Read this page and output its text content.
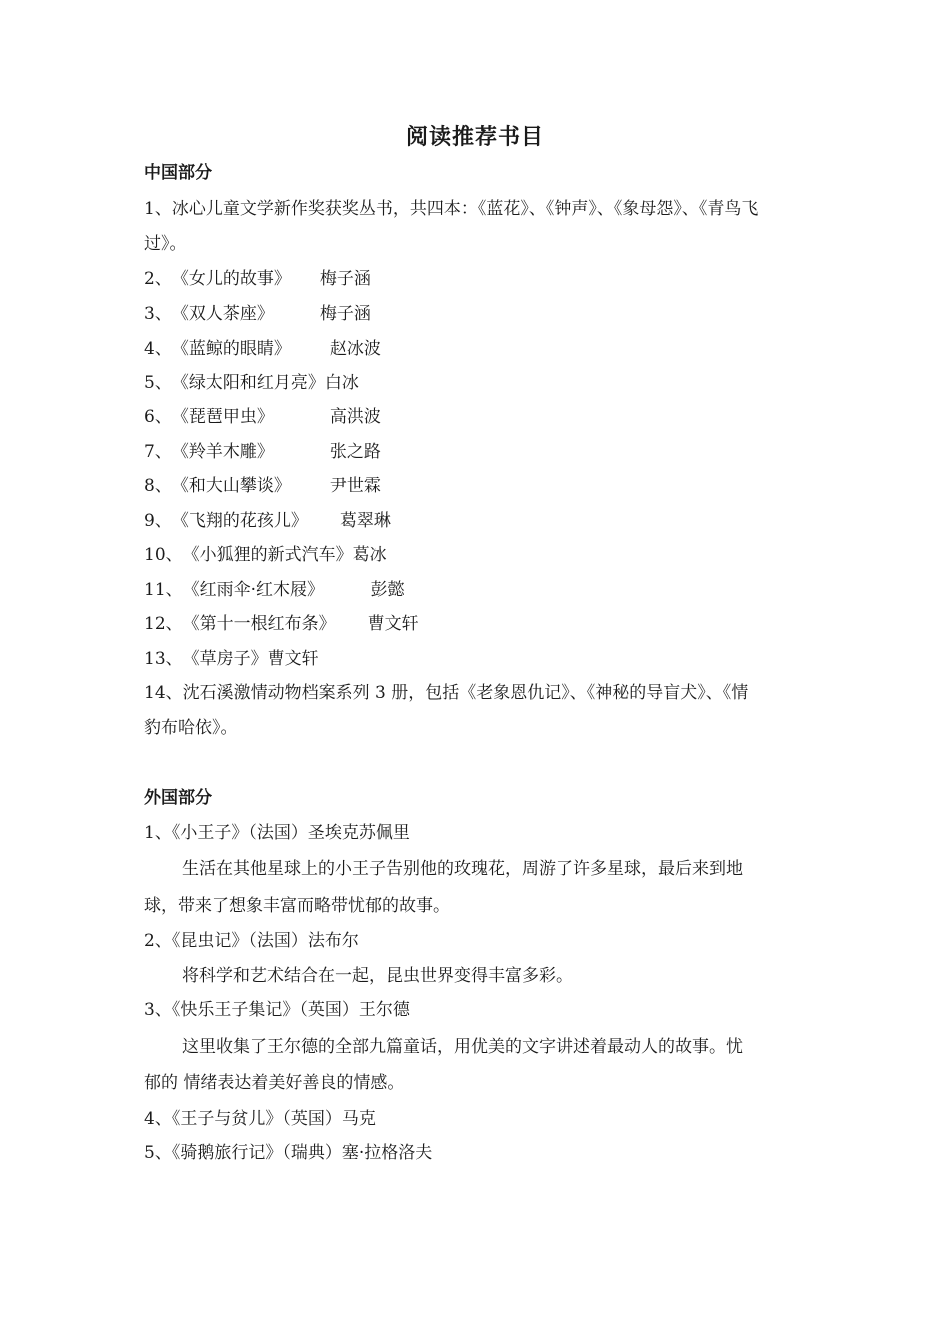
阅读推荐书目
中国部分
1、冰心儿童文学新作奖获奖丛书，共四本：《蓝花》、《钟声》、《象母怨》、《青鸟飞
过》。
2、《女儿的故事》 梅子涵
3、《双人茶座》	梅子涵
4、《蓝鲸的眼睛》 赵冰波
5、《绿太阳和红月亮》白冰
6、《琵琶甲虫》	高洪波
7、《羚羊木雕》	张之路
8、《和大山攀谈》 尹世霖
9、《飞翔的花孩儿》 葛翠琳
10、《小狐狸的新式汽车》葛冰
11、《红雨伞·红木屐》	彭懿
12、《第十一根红布条》 曹文轩
13、《草房子》曹文轩
14、沈石溪激情动物档案系列 3 册，包括《老象恩仇记》、《神秘的导盲犬》、《情
豹布哈依》。
外国部分
1、《小王子》（法国）圣埃克苏佩里
生活在其他星球上的小王子告别他的玫瑰花，周游了许多星球，最后来到地
球，带来了想象丰富而略带忧郁的故事。
2、《昆虫记》（法国）法布尔
将科学和艺术结合在一起，昆虫世界变得丰富多彩。
3、《快乐王子集记》（英国）王尔德
这里收集了王尔德的全部九篇童话，用优美的文字讲述着最动人的故事。忧
郁的 情绪表达着美好善良的情感。
4、《王子与贫儿》（英国）马克
5、《骑鹅旅行记》（瑞典）塞·拉格洛夫
